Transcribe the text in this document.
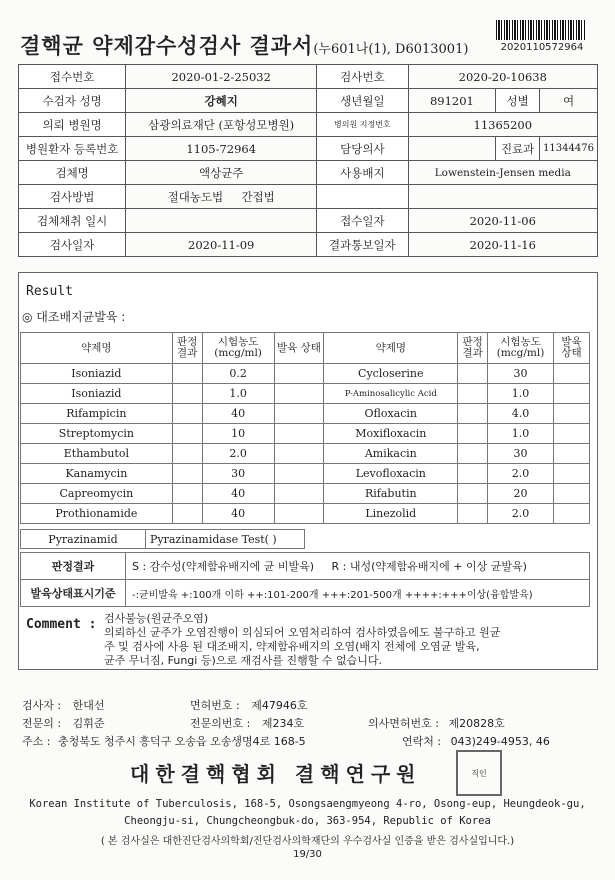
결핵균 약제감수성검사 결과서(누601나(1), D6013001)	2020110572964
접수번호	2020-01-2-25032	검사번호	2020-20-10638		
수검자 성명	강혜지	생년월일	891201	성별	여
의뢰 병원명	삼광의료재단 (포항성모병원)	병의원 지정번호	11365200		
병원환자 등록번호	1105-72964	담당의사		진료과	11344476
검체명	액상균주	사용배지	Lowenstein-Jensen media		
검사방법	절대농도법 간접법				
검체채취 일시		접수일자	2020-11-06		
검사일자	2020-11-09	결과통보일자	2020-11-16		
Result
◎ 대조배지균발육 :
약제명	판정 결과	시험농도 (mcg/ml)	발육 상태	약제명	판정 결과	시험농도 (mcg/ml)	발육 상태
Isoniazid		0.2		Cycloserine		30	
Isoniazid		1.0		P-Aminosalicylic Acid		1.0	
Rifampicin		40		Ofloxacin		4.0	
Streptomycin		10		Moxifloxacin		1.0	
Ethambutol		2.0		Amikacin		30	
Kanamycin		30		Levofloxacin		2.0	
Capreomycin		40		Rifabutin		20	
Prothionamide		40		Linezolid		2.0	
Pyrazinamid	Pyrazinamidase Test( )
판정결과	S : 감수성(약제함유배지에 균 비발육) R : 내성(약제함유배지에 + 이상 균발육)
발육상태표시기준	-:균비발육 +:100개 이하 ++:101-200개 +++:201-500개 ++++:+++이상(융합발육)
Comment : 검사불능(원균주오염)
의뢰하신 균주가 오염진행이 의심되어 오염처리하여 검사하였음에도 불구하고 원균
주 및 검사에 사용 된 대조배지, 약제함유배지의 오염(배지 전체에 오염균 발육,
균주 무너짐, Fungi 등)으로 재검사를 진행할 수 없습니다.
검사자 : 한대선	면허번호 : 제47946호
전문의 : 김휘준	전문의번호 : 제234호	의사면허번호 : 제20828호
주소 : 충청북도 청주시 흥덕구 오송읍 오송생명4로 168-5	연락처 : 043)249-4953, 46
대한결핵협회 결핵연구원	직인
Korean Institute of Tuberculosis, 168-5, Osongsaengmyeong 4-ro, Osong-eup, Heungdeok-gu,
Cheongju-si, Chungcheongbuk-do, 363-954, Republic of Korea
( 본 검사실은 대한진단검사의학회/진단검사의학재단의 우수검사실 인증을 받은 검사실입니다.)
19/30
